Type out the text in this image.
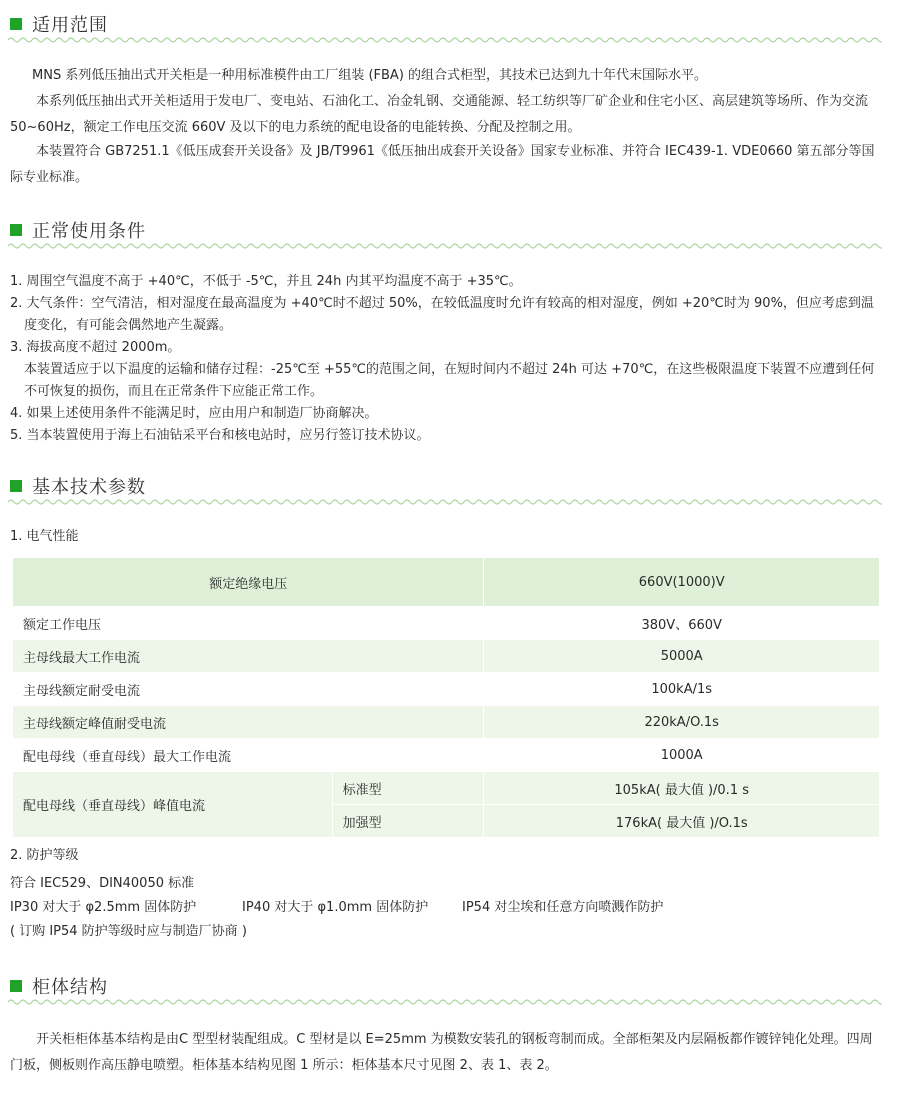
适用范围
MNS 系列低压抽出式开关柜是一种用标准模件由工厂组装 (FBA) 的组合式柜型，其技术已达到九十年代末国际水平。
本系列低压抽出式开关柜适用于发电厂、变电站、石油化工、冶金轧钢、交通能源、轻工纺织等厂矿企业和住宅小区、高层建筑等场所、作为交流 50~60Hz，额定工作电压交流 660V 及以下的电力系统的配电设备的电能转换、分配及控制之用。
本装置符合 GB7251.1《低压成套开关设备》及 JB/T9961《低压抽出成套开关设备》国家专业标准、并符合 IEC439-1. VDE0660 第五部分等国际专业标准。
正常使用条件
1. 周围空气温度不高于 +40℃，不低于 -5℃，并且 24h 内其平均温度不高于 +35℃。
2. 大气条件：空气清洁，相对湿度在最高温度为 +40℃时不超过 50%，在较低温度时允许有较高的相对湿度，例如 +20℃时为 90%，但应考虑到温度变化，有可能会偶然地产生凝露。
3. 海拔高度不超过 2000m。
本装置适应于以下温度的运输和储存过程：-25℃至 +55℃的范围之间，在短时间内不超过 24h 可达 +70℃，在这些极限温度下装置不应遭到任何不可恢复的损伤，而且在正常条件下应能正常工作。
4. 如果上述使用条件不能满足时，应由用户和制造厂协商解决。
5. 当本装置使用于海上石油钻采平台和核电站时，应另行签订技术协议。
基本技术参数
1. 电气性能
额定绝缘电压		660V(1000)V
额定工作电压		380V、660V
主母线最大工作电流		5000A
主母线额定耐受电流		100kA/1s
主母线额定峰值耐受电流		220kA/O.1s
配电母线（垂直母线）最大工作电流		1000A
配电母线（垂直母线）峰值电流	标准型	105kA( 最大值 )/0.1 s
	加强型	176kA( 最大值 )/O.1s
2. 防护等级
符合 IEC529、DIN40050 标准
IP30 对大于 φ2.5mm 固体防护	IP40 对大于 φ1.0mm 固体防护	IP54 对尘埃和任意方向喷溅作防护
( 订购 IP54 防护等级时应与制造厂协商 )
柜体结构
开关柜柜体基本结构是由C 型型材装配组成。C 型材是以 E=25mm 为模数安装孔的钢板弯制而成。全部柜架及内层隔板都作镀锌钝化处理。四周门板，侧板则作高压静电喷塑。柜体基本结构见图 1 所示：柜体基本尺寸见图 2、表 1、表 2。
